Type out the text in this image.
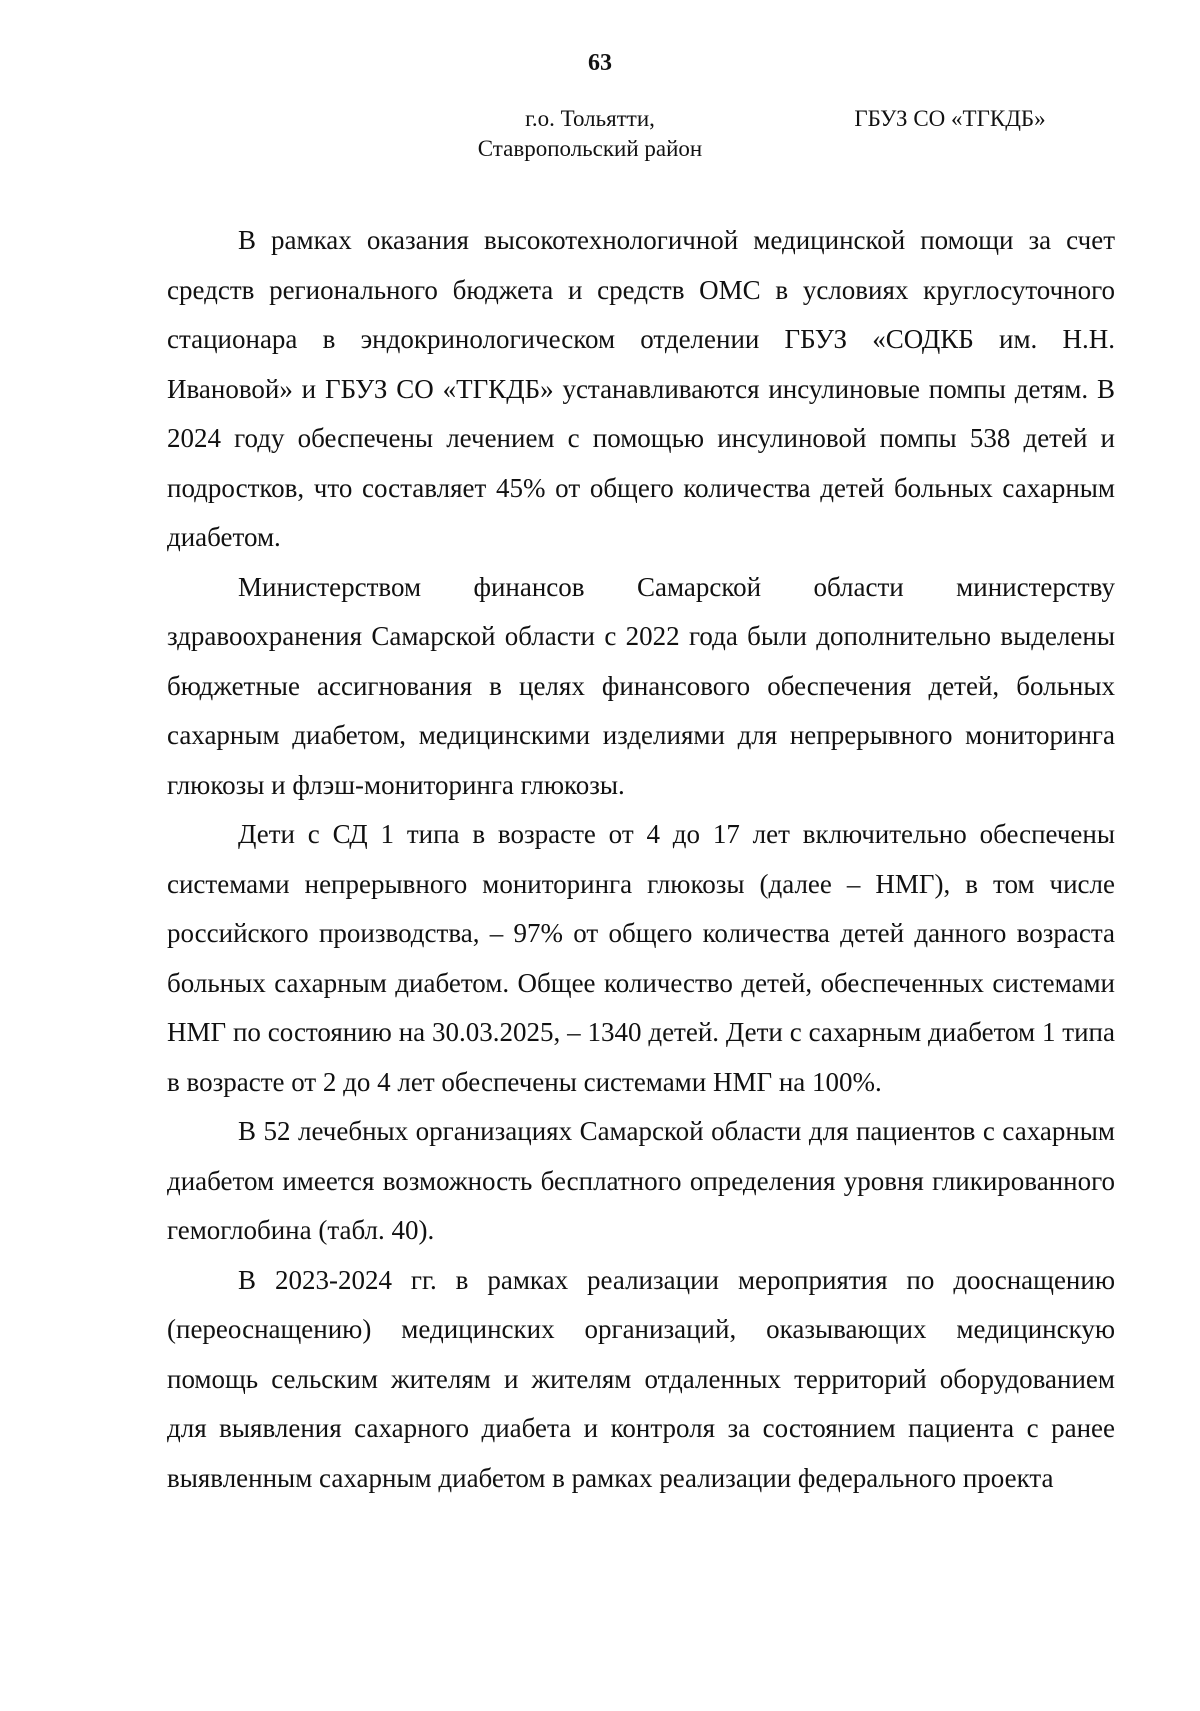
63
г.о. Тольятти,
Ставропольский район
ГБУЗ СО «ТГКДБ»

В рамках оказания высокотехнологичной медицинской помощи за счет средств регионального бюджета и средств ОМС в условиях круглосуточного стационара в эндокринологическом отделении ГБУЗ «СОДКБ им. Н.Н. Ивановой» и ГБУЗ СО «ТГКДБ» устанавливаются инсулиновые помпы детям. В 2024 году обеспечены лечением с помощью инсулиновой помпы 538 детей и подростков, что составляет 45% от общего количества детей больных сахарным диабетом.

Министерством финансов Самарской области министерству здравоохранения Самарской области с 2022 года были дополнительно выделены бюджетные ассигнования в целях финансового обеспечения детей, больных сахарным диабетом, медицинскими изделиями для непрерывного мониторинга глюкозы и флэш-мониторинга глюкозы.

Дети с СД 1 типа в возрасте от 4 до 17 лет включительно обеспечены системами непрерывного мониторинга глюкозы (далее – НМГ), в том числе российского производства, – 97% от общего количества детей данного возраста больных сахарным диабетом. Общее количество детей, обеспеченных системами НМГ по состоянию на 30.03.2025, – 1340 детей. Дети с сахарным диабетом 1 типа в возрасте от 2 до 4 лет обеспечены системами НМГ на 100%.

В 52 лечебных организациях Самарской области для пациентов с сахарным диабетом имеется возможность бесплатного определения уровня гликированного гемоглобина (табл. 40).

В 2023-2024 гг. в рамках реализации мероприятия по дооснащению (переоснащению) медицинских организаций, оказывающих медицинскую помощь сельским жителям и жителям отдаленных территорий оборудованием для выявления сахарного диабета и контроля за состоянием пациента с ранее выявленным сахарным диабетом в рамках реализации федерального проекта
